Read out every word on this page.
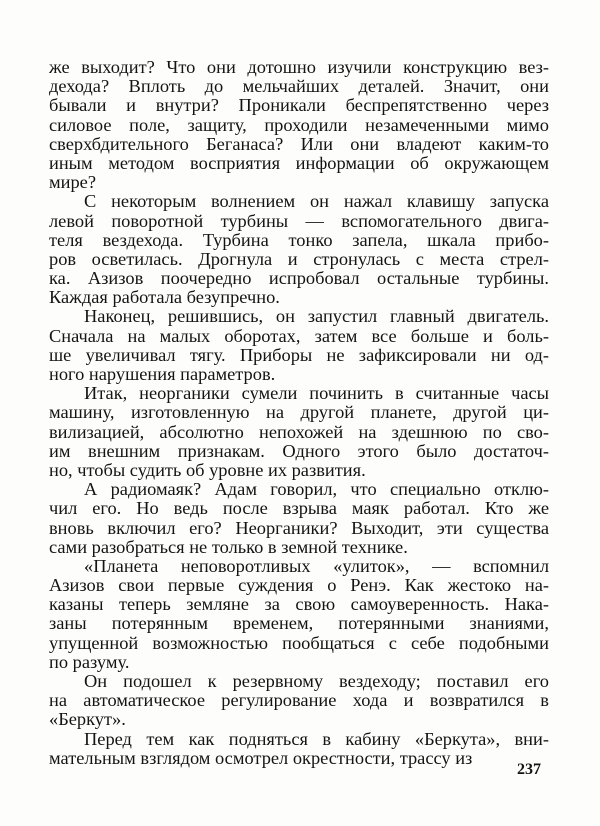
же выходит? Что они дотошно изучили конструкцию вез-
дехода? Вплоть до мельчайших деталей. Значит, они
бывали и внутри? Проникали беспрепятственно через
силовое поле, защиту, проходили незамеченными мимо
сверхбдительного Беганаса? Или они владеют каким-то
иным методом восприятия информации об окружающем
мире?
С некоторым волнением он нажал клавишу запуска
левой поворотной турбины — вспомогательного двига-
теля вездехода. Турбина тонко запела, шкала прибо-
ров осветилась. Дрогнула и стронулась с места стрел-
ка. Азизов поочередно испробовал остальные турбины.
Каждая работала безупречно.
Наконец, решившись, он запустил главный двигатель.
Сначала на малых оборотах, затем все больше и боль-
ше увеличивал тягу. Приборы не зафиксировали ни од-
ного нарушения параметров.
Итак, неорганики сумели починить в считанные часы
машину, изготовленную на другой планете, другой ци-
вилизацией, абсолютно непохожей на здешнюю по сво-
им внешним признакам. Одного этого было достаточ-
но, чтобы судить об уровне их развития.
А радиомаяк? Адам говорил, что специально отклю-
чил его. Но ведь после взрыва маяк работал. Кто же
вновь включил его? Неорганики? Выходит, эти существа
сами разобраться не только в земной технике.
«Планета неповоротливых «улиток», — вспомнил
Азизов свои первые суждения о Ренэ. Как жестоко на-
казаны теперь земляне за свою самоуверенность. Нака-
заны потерянным временем, потерянными знаниями,
упущенной возможностью пообщаться с себе подобными
по разуму.
Он подошел к резервному вездеходу; поставил его
на автоматическое регулирование хода и возвратился в
«Беркут».
Перед тем как подняться в кабину «Беркута», вни-
мательным взглядом осмотрел окрестности, трассу из
237
